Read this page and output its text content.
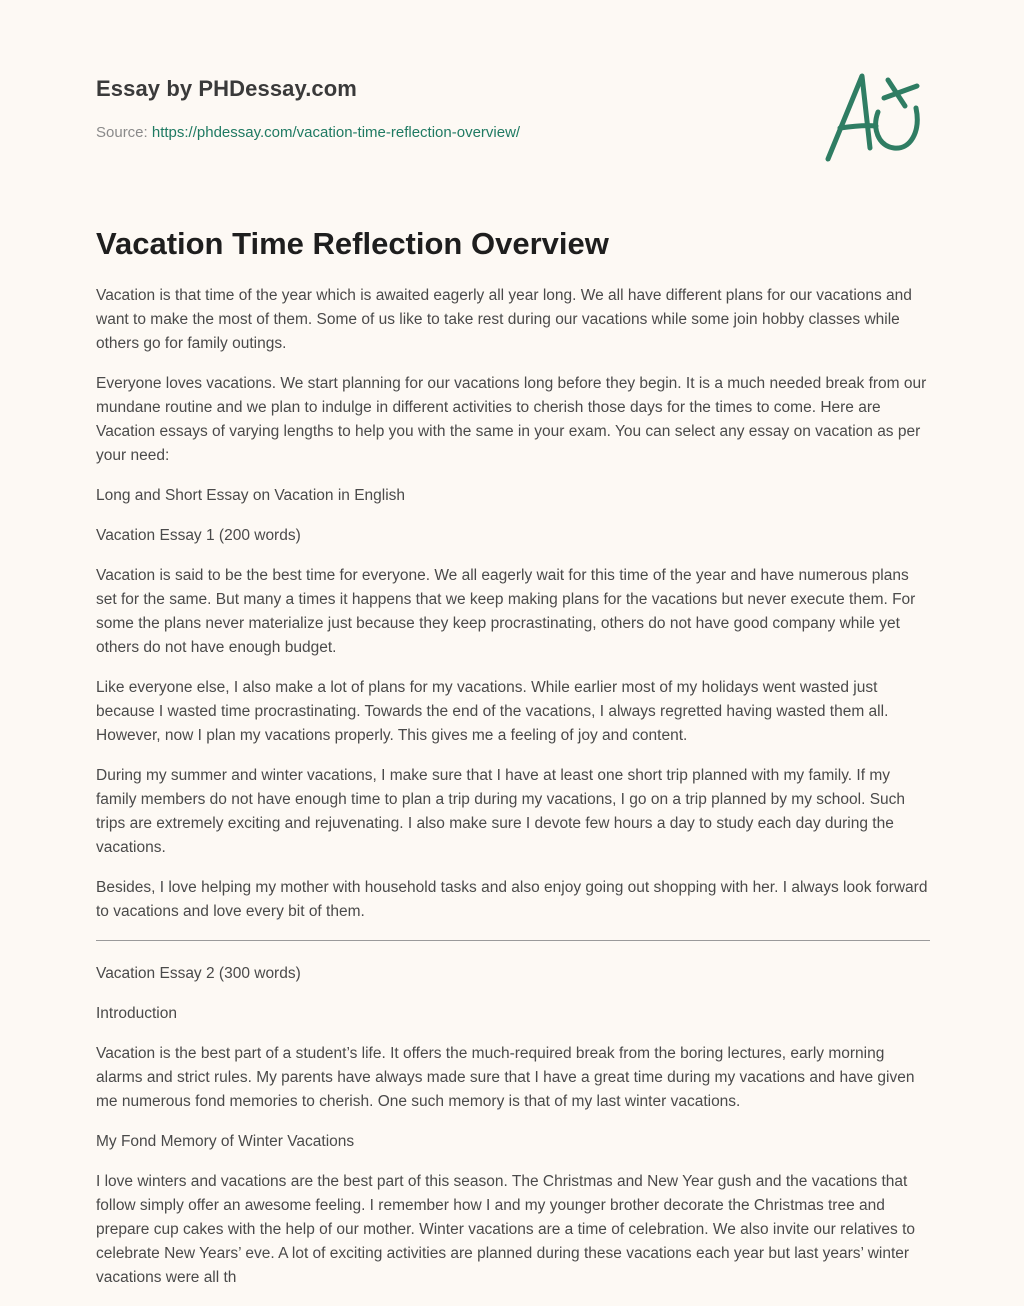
Essay by PHDessay.com
Source: https://phdessay.com/vacation-time-reflection-overview/
Vacation Time Reflection Overview

Vacation is that time of the year which is awaited eagerly all year long. We all have different plans for our vacations and want to make the most of them. Some of us like to take rest during our vacations while some join hobby classes while others go for family outings.

Everyone loves vacations. We start planning for our vacations long before they begin. It is a much needed break from our mundane routine and we plan to indulge in different activities to cherish those days for the times to come. Here are Vacation essays of varying lengths to help you with the same in your exam. You can select any essay on vacation as per your need:

Long and Short Essay on Vacation in English

Vacation Essay 1 (200 words)

Vacation is said to be the best time for everyone. We all eagerly wait for this time of the year and have numerous plans set for the same. But many a times it happens that we keep making plans for the vacations but never execute them. For some the plans never materialize just because they keep procrastinating, others do not have good company while yet others do not have enough budget.

Like everyone else, I also make a lot of plans for my vacations. While earlier most of my holidays went wasted just because I wasted time procrastinating. Towards the end of the vacations, I always regretted having wasted them all. However, now I plan my vacations properly. This gives me a feeling of joy and content.

During my summer and winter vacations, I make sure that I have at least one short trip planned with my family. If my family members do not have enough time to plan a trip during my vacations, I go on a trip planned by my school. Such trips are extremely exciting and rejuvenating. I also make sure I devote few hours a day to study each day during the vacations.

Besides, I love helping my mother with household tasks and also enjoy going out shopping with her. I always look forward to vacations and love every bit of them.

Vacation Essay 2 (300 words)

Introduction

Vacation is the best part of a student’s life. It offers the much-required break from the boring lectures, early morning alarms and strict rules. My parents have always made sure that I have a great time during my vacations and have given me numerous fond memories to cherish. One such memory is that of my last winter vacations.

My Fond Memory of Winter Vacations

I love winters and vacations are the best part of this season. The Christmas and New Year gush and the vacations that follow simply offer an awesome feeling. I remember how I and my younger brother decorate the Christmas tree and prepare cup cakes with the help of our mother. Winter vacations are a time of celebration. We also invite our relatives to celebrate New Years’ eve. A lot of exciting activities are planned during these vacations each year but last years’ winter vacations were all th
